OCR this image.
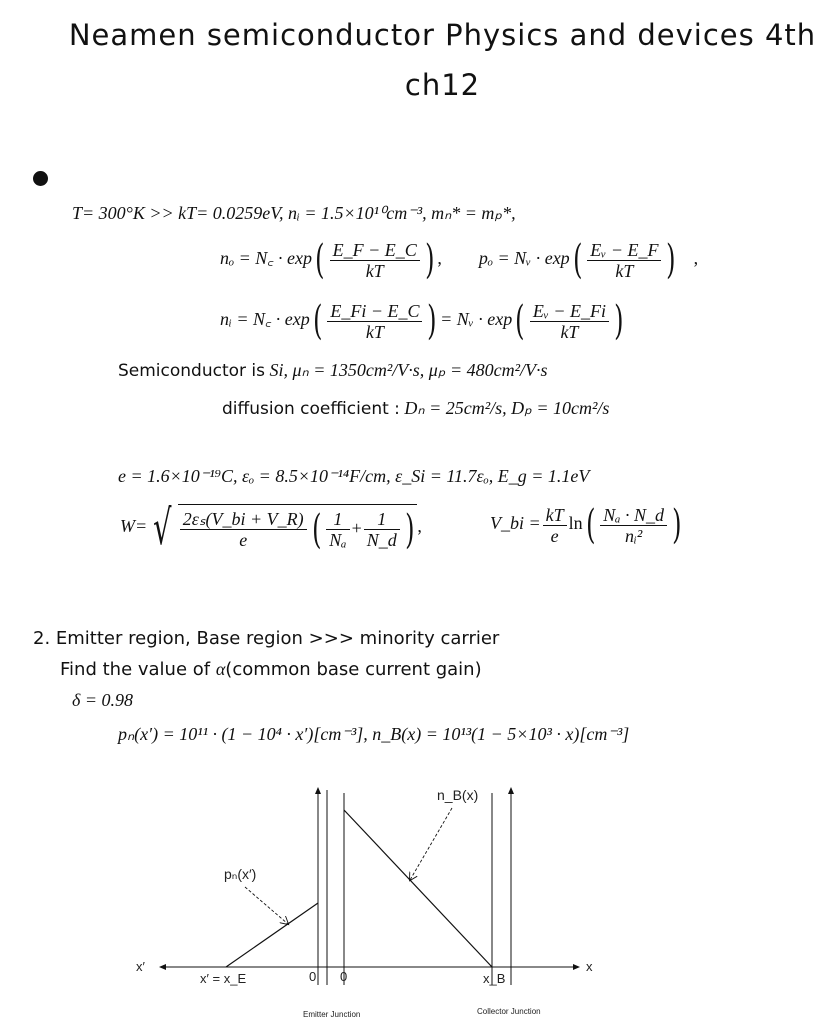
Neamen semiconductor Physics and devices 4th
ch12
T= 300°K >> kT= 0.0259eV, nᵢ = 1.5×10¹⁰cm⁻³, mₙ* = mₚ*,
nₒ = N꜀ · $\exp( \frac{E\_F - E\_C}{kT}$ ) , pₒ = Nᵥ · $\exp( \frac{\text{Eᵥ − E\_F}}{kT}$ ) ,
nᵢ = N꜀ · $\exp( \frac{E\_Fi - E\_C}{kT}$ ) = Nᵥ · $\exp( \frac{\text{Eᵥ − E\_Fi}}{kT}$ )
Semiconductor is Si, μₙ = 1350cm²/V·s, μₚ = 480cm²/V·s
diffusion coefficient : Dₙ = 25cm²/s, Dₚ = 10cm²/s
e = 1.6×10⁻¹⁹C, εₒ = 8.5×10⁻¹⁴F/cm, ε_Si = 11.7εₒ, E_g = 1.1eV
W= √ $\frac{\text{2εₛ(V\_bi + V\_R)}}{e}$ ( $\frac{1}{\text{Nₐ}} + \frac{1}{N\_d}$ ) ,	V_bi = $\frac{kT}{e} \ln( \frac{\text{Nₐ · N\_d}}{\text{nᵢ²}}$ )
2. Emitter region, Base region >>> minority carrier
Find the value of α(common base current gain)
δ = 0.98
pₙ(x′) = 10¹¹ · (1 − 10⁴ · x′)[cm⁻³], n_B(x) = 10¹³(1 − 5×10³ · x)[cm⁻³]
n_B(x)
pₙ(x′)
x′	x
x′ = x_E	0 0	x_B
Emitter Junction	Collector Junction
